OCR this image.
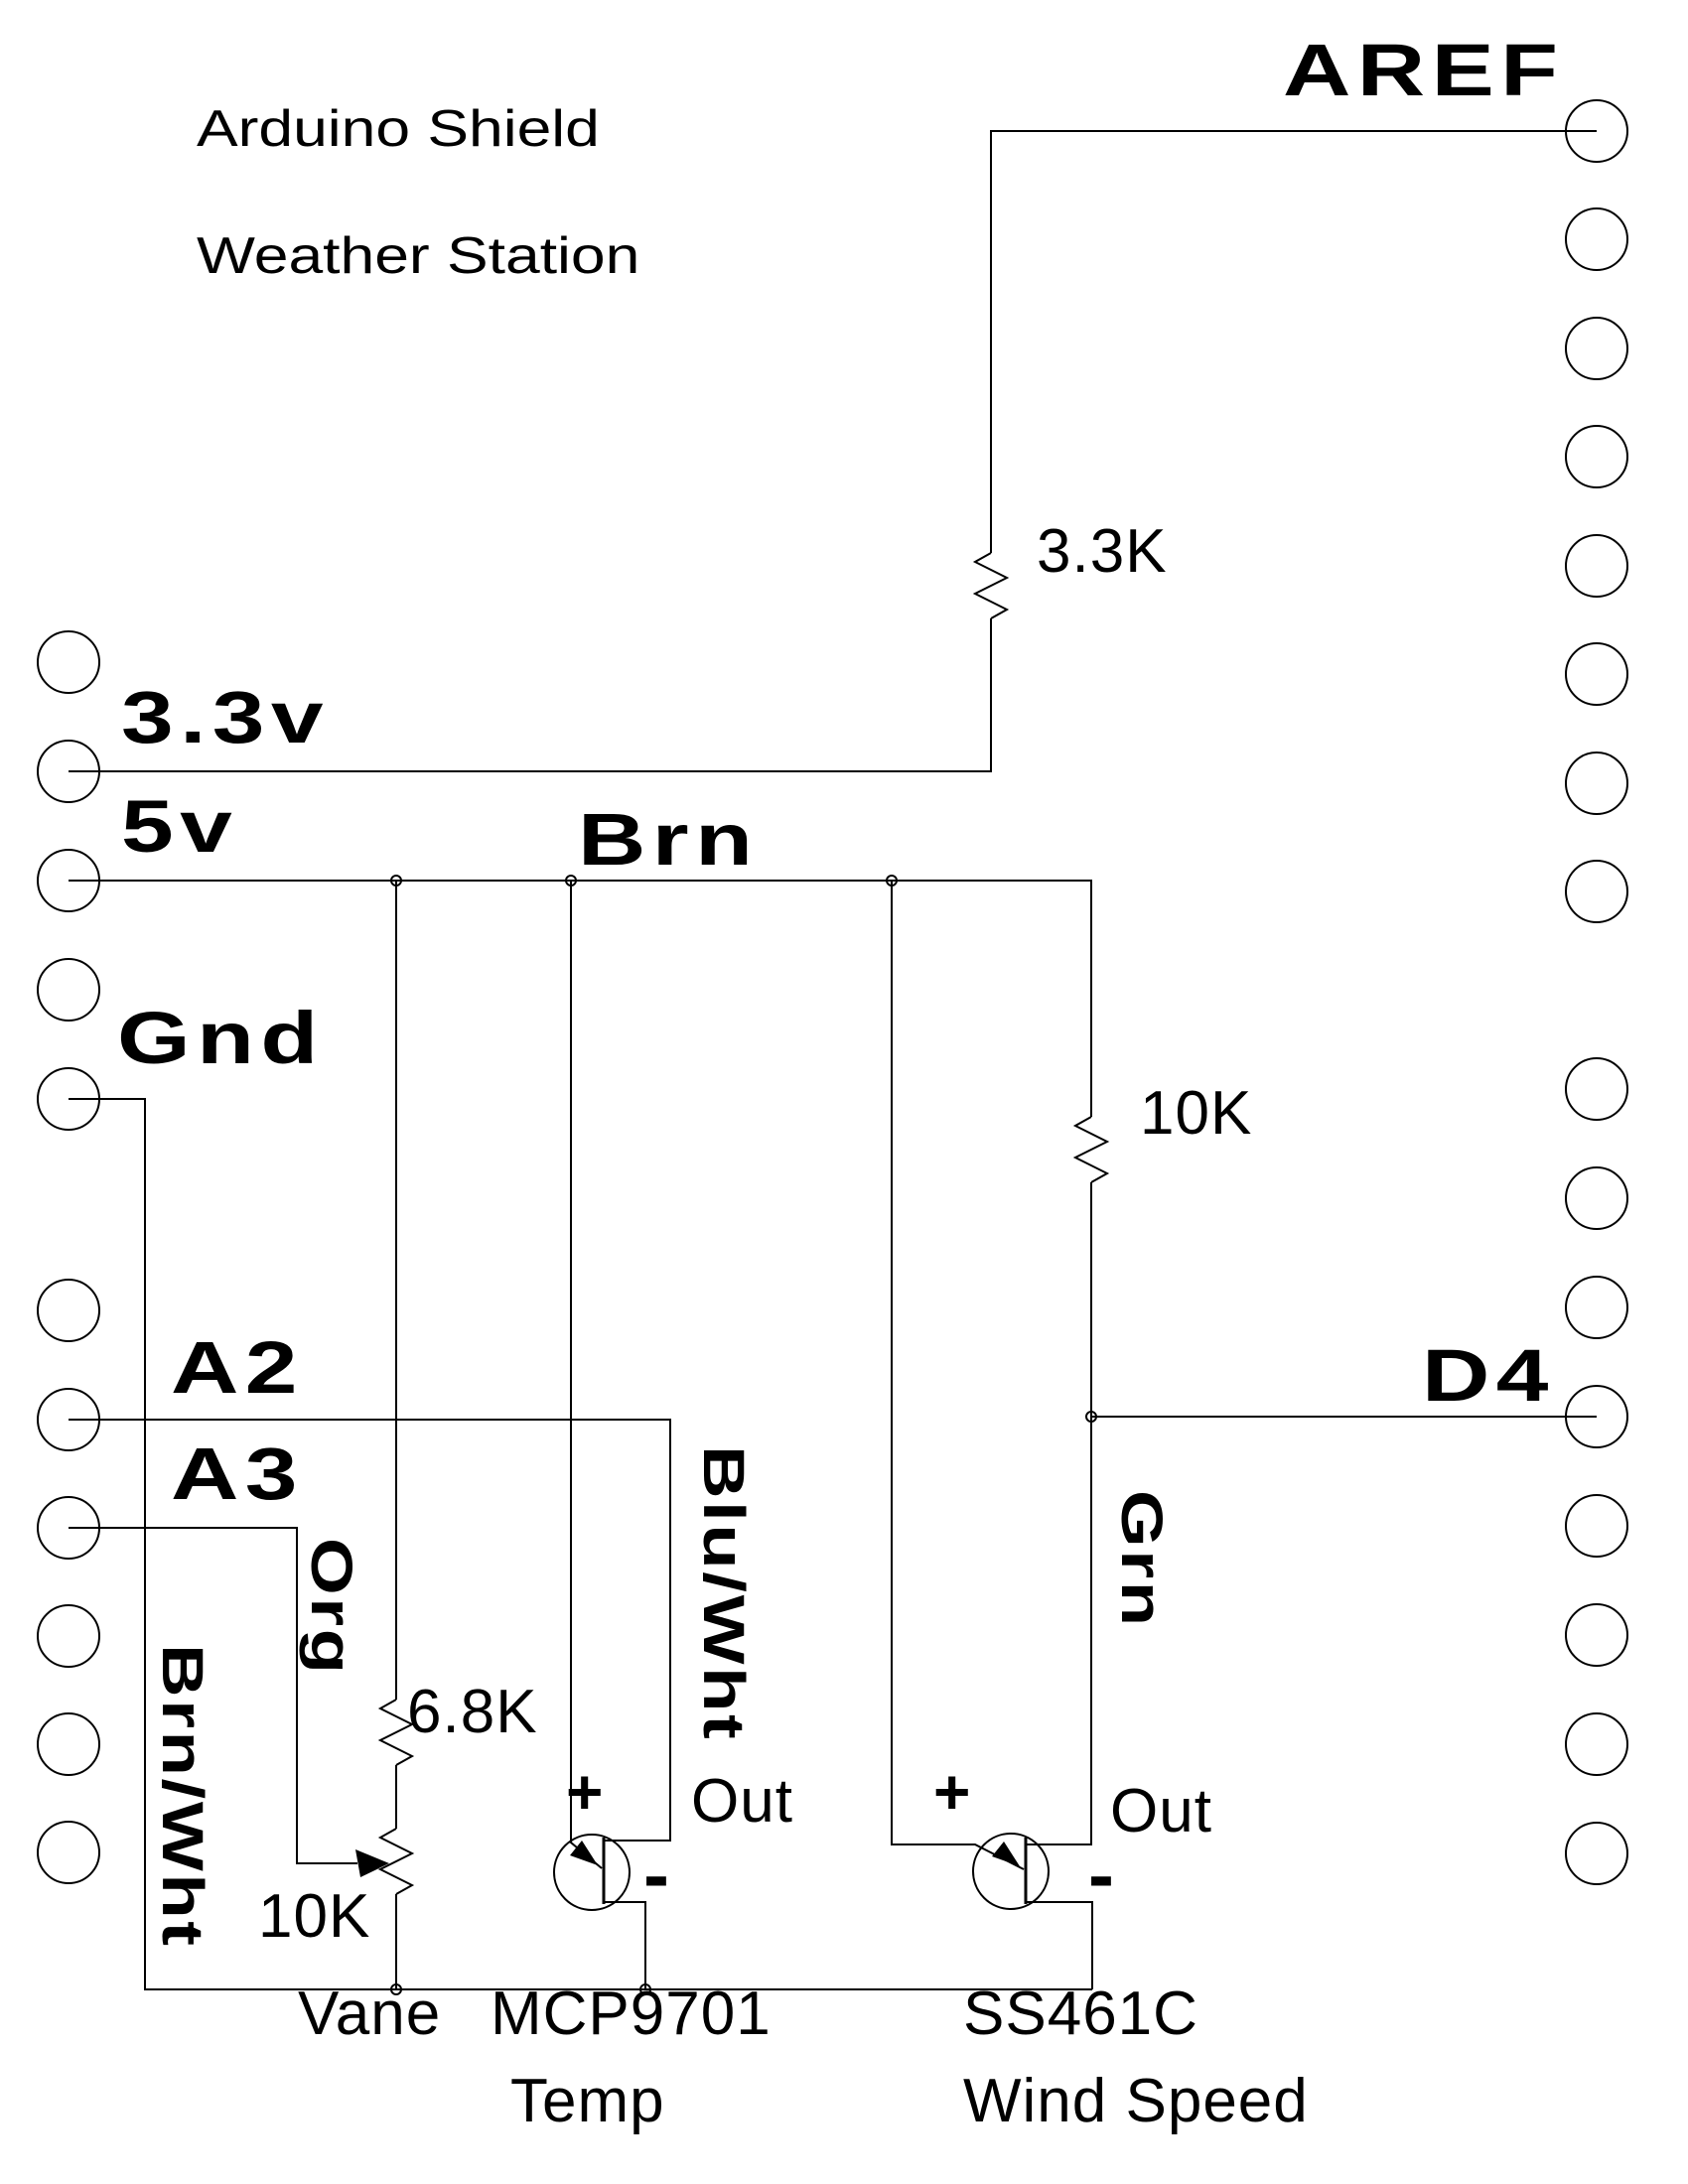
Arduino Shield
Weather Station
AREF
3.3v
5v
Gnd
A2
A3
D4
Brn
Org	Blu/Wht	Grn
Brn/Wht
3.3K
10K
6.8K
10K
+
-
Out +
-
Out
Vane MCP9701
Temp
SS461C
Wind Speed
